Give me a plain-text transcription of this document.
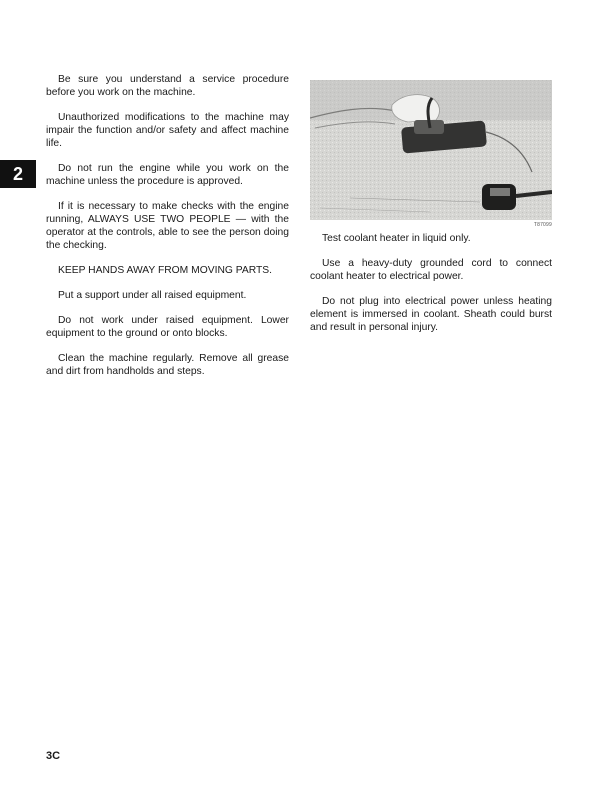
2

Be sure you understand a service procedure before you work on the machine.

Unauthorized modifications to the machine may impair the function and/or safety and affect machine life.

Do not run the engine while you work on the machine unless the procedure is approved.

If it is necessary to make checks with the engine running, ALWAYS USE TWO PEOPLE — with the operator at the controls, able to see the person doing the checking.

KEEP HANDS AWAY FROM MOVING PARTS.

Put a support under all raised equipment.

Do not work under raised equipment. Lower equipment to the ground or onto blocks.

Clean the machine regularly. Remove all grease and dirt from handholds and steps.

T87099

Test coolant heater in liquid only.

Use a heavy-duty grounded cord to connect coolant heater to electrical power.

Do not plug into electrical power unless heating element is immersed in coolant. Sheath could burst and result in personal injury.

3C
